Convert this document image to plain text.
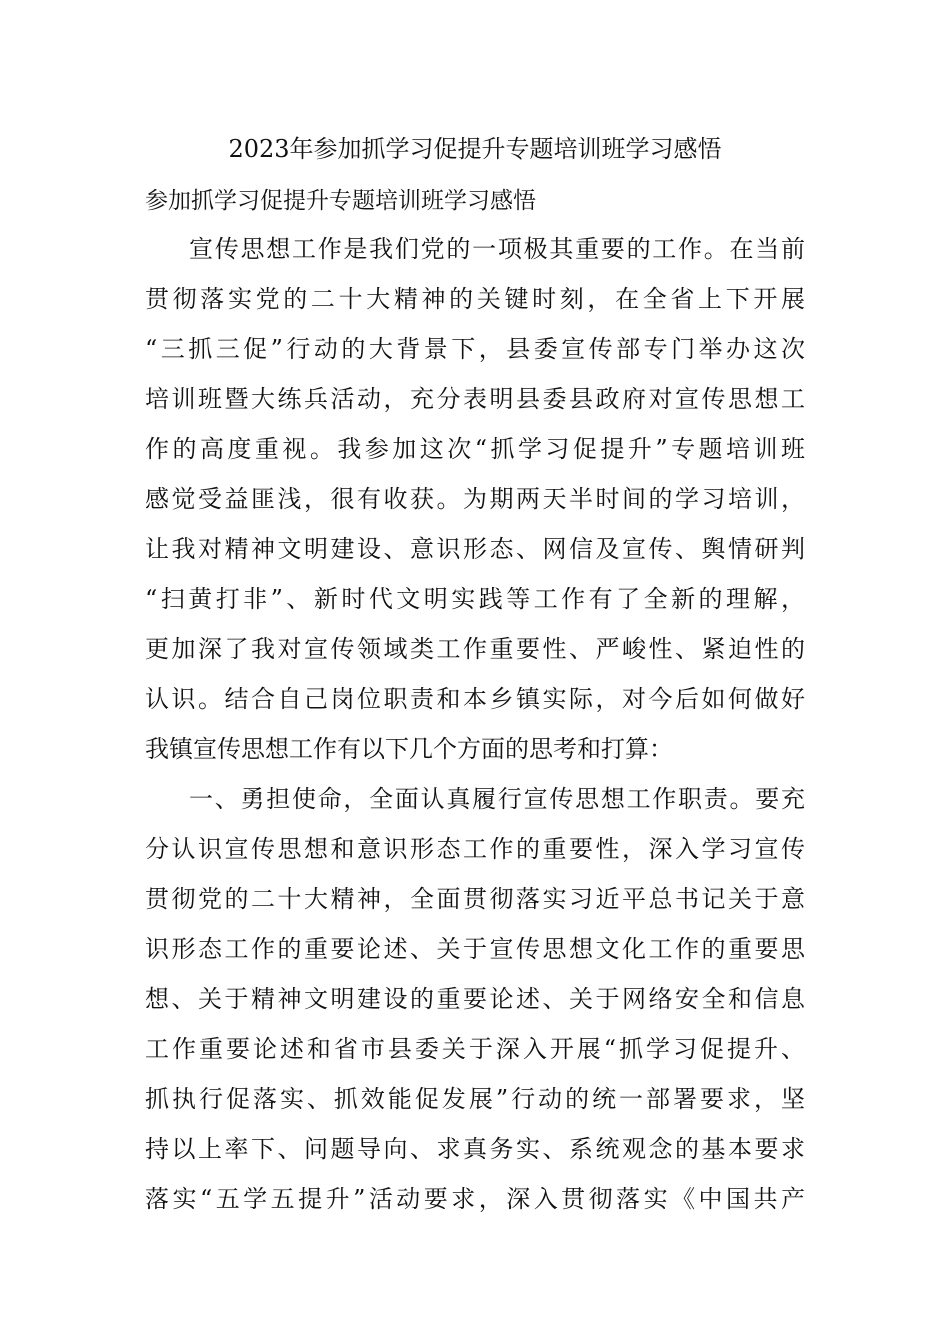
2023年参加抓学习促提升专题培训班学习感悟
参加抓学习促提升专题培训班学习感悟
宣传思想工作是我们党的一项极其重要的工作。在当前
贯彻落实党的二十大精神的关键时刻，在全省上下开展
“三抓三促”行动的大背景下，县委宣传部专门举办这次
培训班暨大练兵活动，充分表明县委县政府对宣传思想工
作的高度重视。我参加这次“抓学习促提升”专题培训班
感觉受益匪浅，很有收获。为期两天半时间的学习培训，
让我对精神文明建设、意识形态、网信及宣传、舆情研判
“扫黄打非”、新时代文明实践等工作有了全新的理解，
更加深了我对宣传领域类工作重要性、严峻性、紧迫性的
认识。结合自己岗位职责和本乡镇实际，对今后如何做好
我镇宣传思想工作有以下几个方面的思考和打算：
一、勇担使命，全面认真履行宣传思想工作职责。要充
分认识宣传思想和意识形态工作的重要性，深入学习宣传
贯彻党的二十大精神，全面贯彻落实习近平总书记关于意
识形态工作的重要论述、关于宣传思想文化工作的重要思
想、关于精神文明建设的重要论述、关于网络安全和信息
工作重要论述和省市县委关于深入开展“抓学习促提升、
抓执行促落实、抓效能促发展”行动的统一部署要求，坚
持以上率下、问题导向、求真务实、系统观念的基本要求
落实“五学五提升”活动要求，深入贯彻落实《中国共产
